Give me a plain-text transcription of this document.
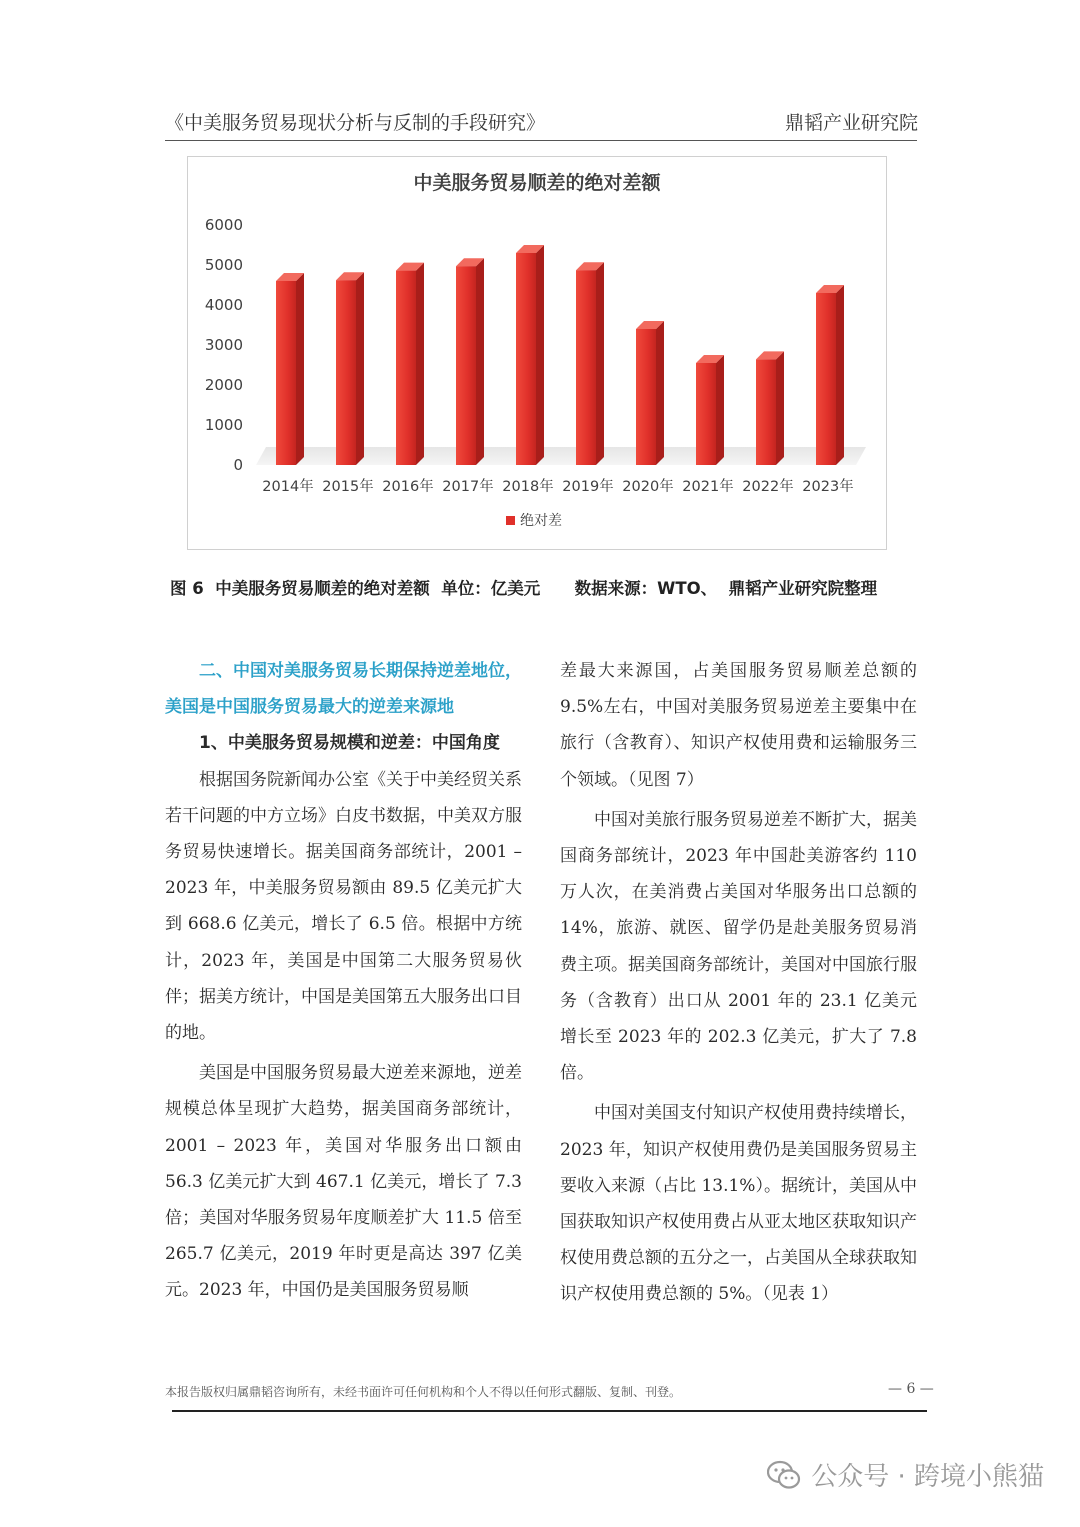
《中美服务贸易现状分析与反制的手段研究》	鼎韬产业研究院
中美服务贸易顺差的绝对差额
0
1000
2000
3000
4000
5000
6000
2014年 2015年 2016年 2017年 2018年 2019年 2020年 2021年 2022年 2023年
绝对差
图 6  中美服务贸易顺差的绝对差额  单位：亿美元      数据来源：WTO、  鼎韬产业研究院整理

二、中国对美服务贸易长期保持逆差地位，美国是中国服务贸易最大的逆差来源地

1、中美服务贸易规模和逆差：中国角度

根据国务院新闻办公室《关于中美经贸关系若干问题的中方立场》白皮书数据，中美双方服务贸易快速增长。据美国商务部统计，2001 – 2023 年，中美服务贸易额由 89.5 亿美元扩大到 668.6 亿美元，增长了 6.5 倍。根据中方统计，2023 年，美国是中国第二大服务贸易伙伴；据美方统计，中国是美国第五大服务出口目的地。

美国是中国服务贸易最大逆差来源地，逆差规模总体呈现扩大趋势，据美国商务部统计，2001 – 2023 年，美国对华服务出口额由 56.3 亿美元扩大到 467.1 亿美元，增长了 7.3 倍；美国对华服务贸易年度顺差扩大 11.5 倍至 265.7 亿美元，2019 年时更是高达 397 亿美元。2023 年，中国仍是美国服务贸易顺

差最大来源国，占美国服务贸易顺差总额的 9.5%左右，中国对美服务贸易逆差主要集中在旅行（含教育）、知识产权使用费和运输服务三个领域。（见图 7）

中国对美旅行服务贸易逆差不断扩大，据美国商务部统计，2023 年中国赴美游客约 110 万人次，在美消费占美国对华服务出口总额的 14%，旅游、就医、留学仍是赴美服务贸易消费主项。据美国商务部统计，美国对中国旅行服务（含教育）出口从 2001 年的 23.1 亿美元增长至 2023 年的 202.3 亿美元，扩大了 7.8 倍。

中国对美国支付知识产权使用费持续增长，2023 年，知识产权使用费仍是美国服务贸易主要收入来源（占比 13.1%）。据统计，美国从中国获取知识产权使用费占从亚太地区获取知识产权使用费总额的五分之一，占美国从全球获取知识产权使用费总额的 5%。（见表 1）

本报告版权归属鼎韬咨询所有，未经书面许可任何机构和个人不得以任何形式翻版、复制、刊登。	— 6 —
公众号 · 跨境小熊猫
